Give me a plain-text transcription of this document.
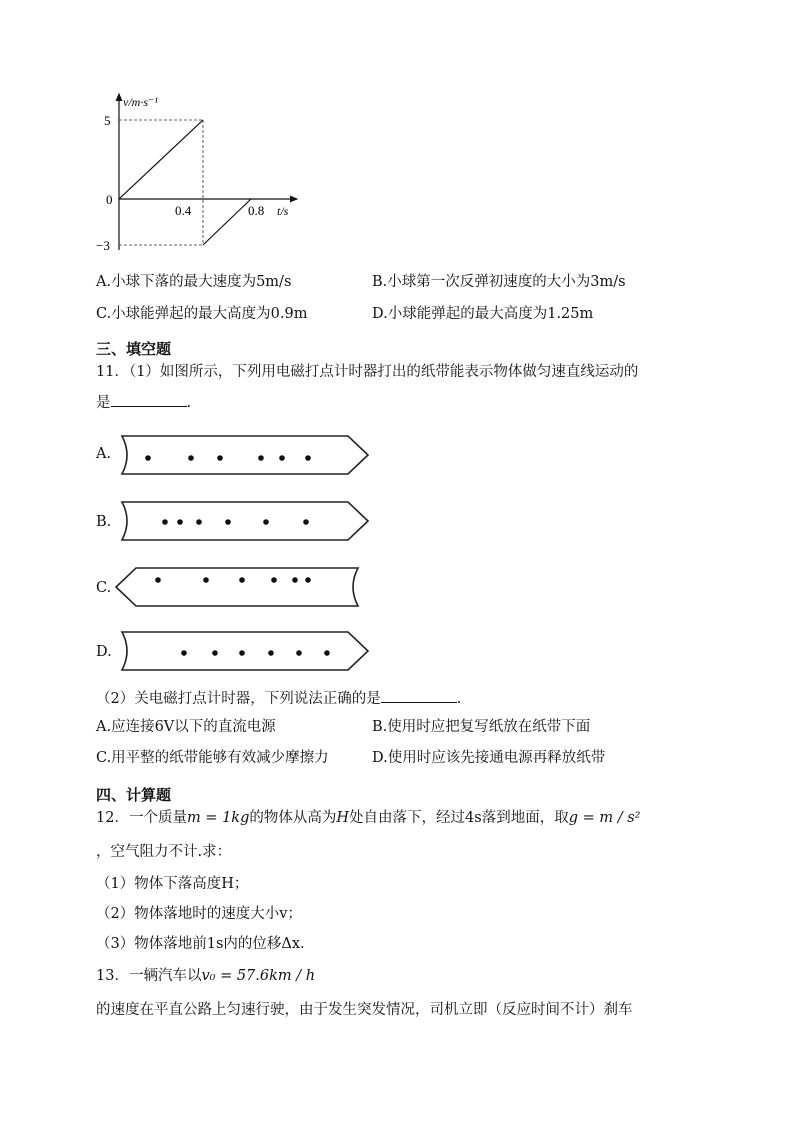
v/m·s⁻¹
t/s
5
0
−3
0.4	0.8
A.小球下落的最大速度为5m/s	B.小球第一次反弹初速度的大小为3m/s
C.小球能弹起的最大高度为0.9m	D.小球能弹起的最大高度为1.25m
三、填空题
11．（1）如图所示，下列用电磁打点计时器打出的纸带能表示物体做匀速直线运动的
是	.
A.
B.
C.
D.
（2）关电磁打点计时器，下列说法正确的是	.
A.应连接6V以下的直流电源	B.使用时应把复写纸放在纸带下面
C.用平整的纸带能够有效减少摩擦力	D.使用时应该先接通电源再释放纸带
四、计算题
12．一个质量m = 1kg的物体从高为H处自由落下，经过4s落到地面，取g = m / s²
，空气阻力不计.求：
（1）物体下落高度H；
（2）物体落地时的速度大小v；
（3）物体落地前1s内的位移Δx.
13．一辆汽车以v₀ = 57.6km / h
的速度在平直公路上匀速行驶，由于发生突发情况，司机立即（反应时间不计）刹车
